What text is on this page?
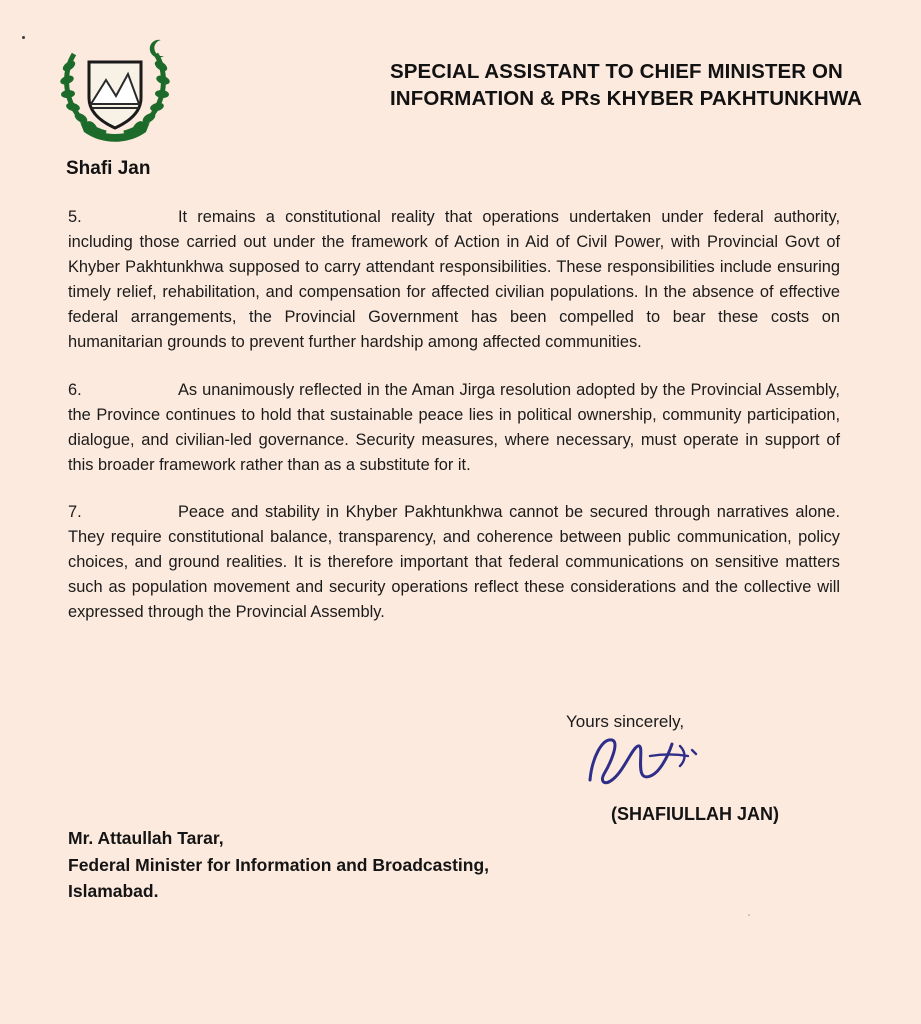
SPECIAL ASSISTANT TO CHIEF MINISTER ON
INFORMATION & PRs KHYBER PAKHTUNKHWA
Shafi Jan

5.	It remains a constitutional reality that operations undertaken under federal authority, including those carried out under the framework of Action in Aid of Civil Power, with Provincial Govt of Khyber Pakhtunkhwa supposed to carry attendant responsibilities. These responsibilities include ensuring timely relief, rehabilitation, and compensation for affected civilian populations. In the absence of effective federal arrangements, the Provincial Government has been compelled to bear these costs on humanitarian grounds to prevent further hardship among affected communities.

6.	As unanimously reflected in the Aman Jirga resolution adopted by the Provincial Assembly, the Province continues to hold that sustainable peace lies in political ownership, community participation, dialogue, and civilian-led governance. Security measures, where necessary, must operate in support of this broader framework rather than as a substitute for it.

7.	Peace and stability in Khyber Pakhtunkhwa cannot be secured through narratives alone. They require constitutional balance, transparency, and coherence between public communication, policy choices, and ground realities. It is therefore important that federal communications on sensitive matters such as population movement and security operations reflect these considerations and the collective will expressed through the Provincial Assembly.

Yours sincerely,
(SHAFIULLAH JAN)
Mr. Attaullah Tarar,
Federal Minister for Information and Broadcasting,
Islamabad.
